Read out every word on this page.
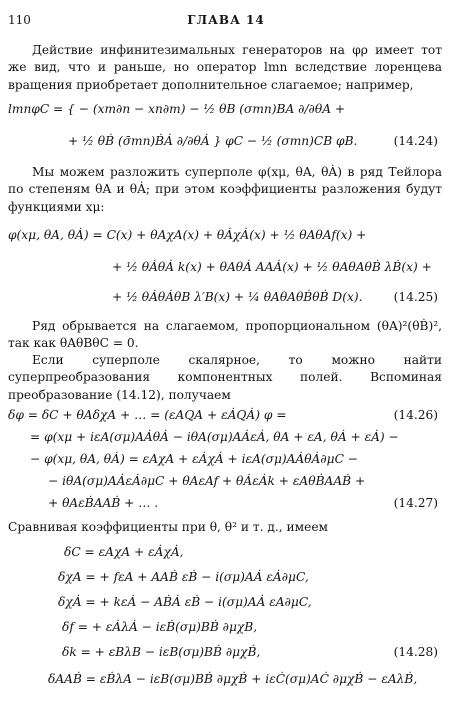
110	ГЛАВА 14
Действие инфинитезимальных генераторов на φρ имеет тот же вид, что и раньше, но оператор lmn вследствие лоренцева вращения приобретает дополнительное слагаемое; например,
lmnφC = { − (xm∂n − xn∂m) − ½ θB (σmn)BA ∂/∂θA +
+ ½ θḂ (σ̄mn)ḂȦ ∂/∂θȦ } φC − ½ (σmn)CB φB.	(14.24)
Мы можем разложить суперполе φ(xμ, θA, θȦ) в ряд Тейлора по степеням θA и θȦ; при этом коэффициенты разложения будут функциями xμ:
φ(xμ, θA, θȦ) = C(x) + θAχA(x) + θȦχȦ(x) + ½ θAθAf(x) +
+ ½ θȦθȦ k(x) + θAθȦ AAȦ(x) + ½ θAθAθḂ λḂ(x) +
+ ½ θȦθȦθB λ′B(x) + ¼ θAθAθḂθḂ D(x).	(14.25)
Ряд обрывается на слагаемом, пропорциональном (θA)²(θḂ)², так как θAθBθC = 0.
Если суперполе скалярное, то можно найти суперпреобразования компонентных полей. Вспоминая преобразование (14.12), получаем
δφ = δC + θAδχA + … = (εAQA + εȦQȦ) φ =	(14.26)
= φ(xμ + iεA(σμ)AȦθȦ − iθA(σμ)AȦεȦ, θA + εA, θȦ + εȦ) −
− φ(xμ, θA, θȦ) = εAχA + εȦχȦ + iεA(σμ)AȦθȦ∂μC −
− iθA(σμ)AȦεȦ∂μC + θAεAf + θȦεȦk + εAθḂAAḂ +
+ θAεḂAAḂ + … .	(14.27)
Сравнивая коэффициенты при θ, θ² и т. д., имеем
δC = εAχA + εȦχȦ,
δχA = + fεA + AAḂ εḂ − i(σμ)AȦ εȦ∂μC,
δχȦ = + kεȦ − AḂȦ εḂ − i(σμ)AȦ εA∂μC,
δf = + εȦλȦ − iεḂ(σμ)BḂ ∂μχB,
δk = + εBλB − iεB(σμ)BḂ ∂μχḂ,	(14.28)
δAAḂ = εḂλA − iεB(σμ)BḂ ∂μχḂ + iεĊ(σμ)AĊ ∂μχḂ − εAλḂ,
